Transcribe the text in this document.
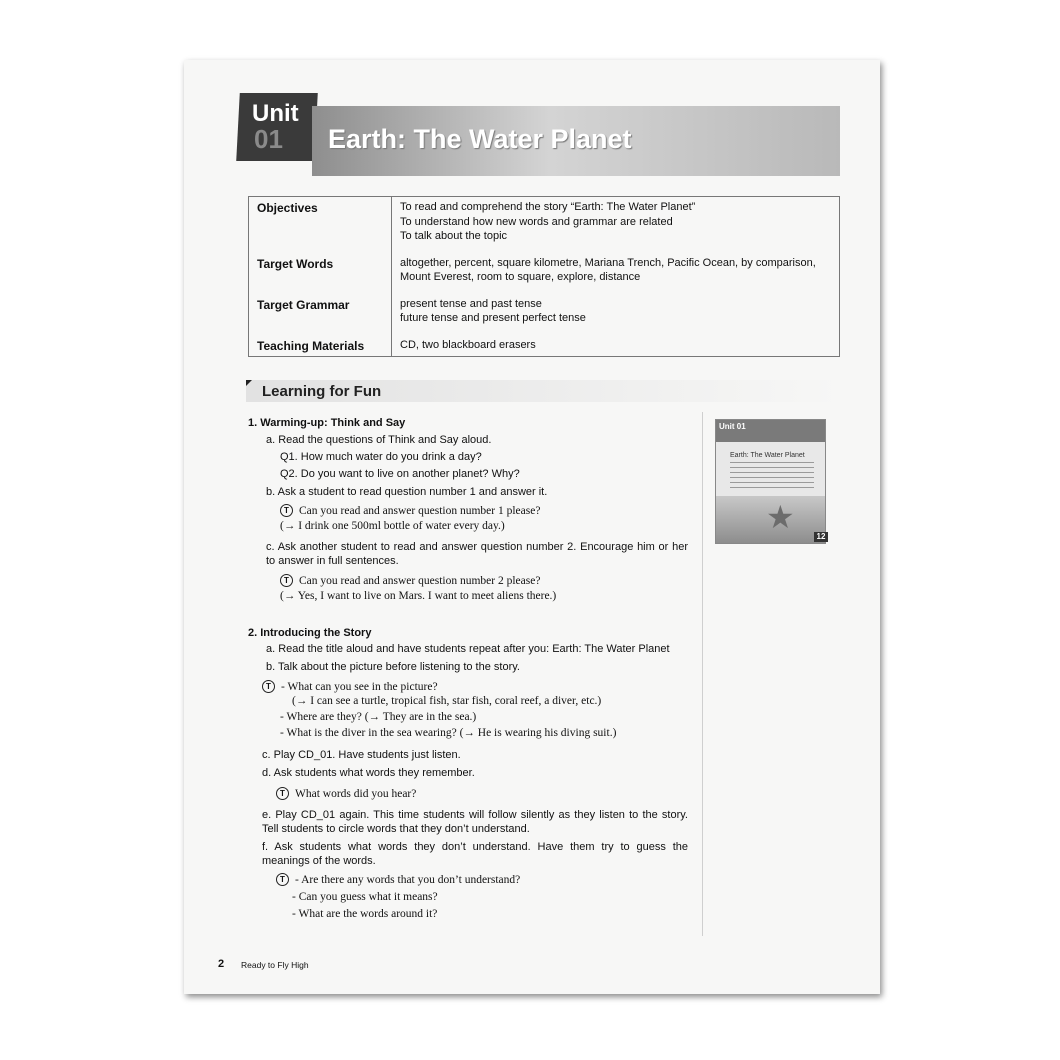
Unit
01 Earth: The Water Planet
Objectives	To read and comprehend the story “Earth: The Water Planet”
To understand how new words and grammar are related
To talk about the topic

Target Words	altogether, percent, square kilometre, Mariana Trench, Pacific Ocean, by comparison,
Mount Everest, room to square, explore, distance

Target Grammar	present tense and past tense
future tense and present perfect tense

Teaching Materials	CD, two blackboard erasers
Learning for Fun
1. Warming-up: Think and Say
a. Read the questions of Think and Say aloud.
Q1. How much water do you drink a day?
Q2. Do you want to live on another planet? Why?
b. Ask a student to read question number 1 and answer it.
T Can you read and answer question number 1 please?
(→ I drink one 500ml bottle of water every day.)
c. Ask another student to read and answer question number 2. Encourage him or her to answer in full sentences.
T Can you read and answer question number 2 please?
(→ Yes, I want to live on Mars. I want to meet aliens there.)
2. Introducing the Story
a. Read the title aloud and have students repeat after you: Earth: The Water Planet
b. Talk about the picture before listening to the story.
T - What can you see in the picture?
(→ I can see a turtle, tropical fish, star fish, coral reef, a diver, etc.)
- Where are they? (→ They are in the sea.)
- What is the diver in the sea wearing? (→ He is wearing his diving suit.)
c. Play CD_01. Have students just listen.
d. Ask students what words they remember.
T What words did you hear?
e. Play CD_01 again. This time students will follow silently as they listen to the story. Tell students to circle words that they don’t understand.
f. Ask students what words they don’t understand. Have them try to guess the meanings of the words.
T - Are there any words that you don’t understand?
- Can you guess what it means?
- What are the words around it?
Unit 01
Earth: The Water Planet
★
12
2 Ready to Fly High
